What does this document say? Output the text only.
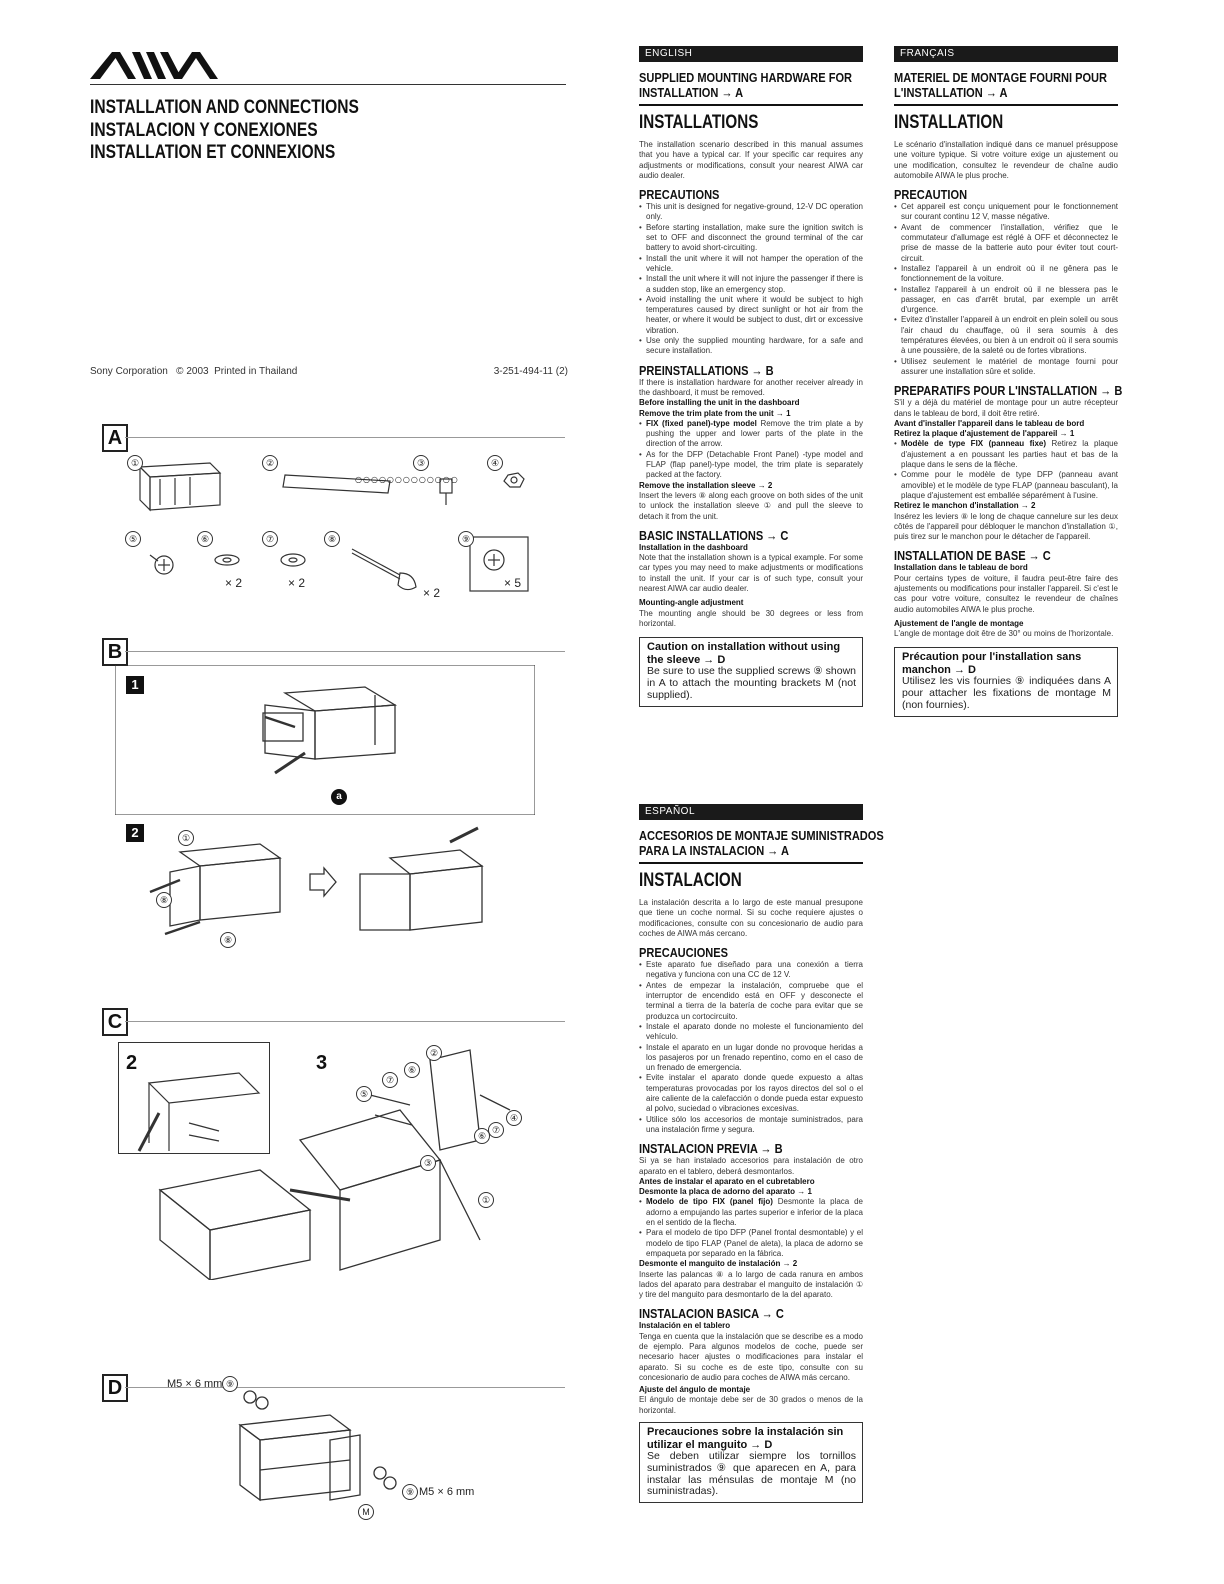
INSTALLATION AND CONNECTIONS
INSTALACION Y CONEXIONES
INSTALLATION ET CONNEXIONS
Sony Corporation © 2003 Printed in Thailand	3-251-494-11 (2)
A
○○○○○○○○○○○○○
①	②	③	④
⑤	⑥	⑦	⑧	⑨
× 2	× 2
× 2
× 5
B
1
a
2	①
⑧
⑧
C
2	3	②
⑦
⑥
⑤
④
⑦
⑥
③
①
D	M5 × 6 mm ⑨
⑨ M5 × 6 mm
M
ENGLISH
SUPPLIED MOUNTING HARDWARE FOR
INSTALLATION → A
INSTALLATIONS
The installation scenario described in this manual assumes that you have a typical car. If your specific car requires any adjustments or modifications, consult your nearest AIWA car audio dealer.
PRECAUTIONS
• This unit is designed for negative-ground, 12-V DC operation only.
• Before starting installation, make sure the ignition switch is set to OFF and disconnect the ground terminal of the car battery to avoid short-circuiting.
• Install the unit where it will not hamper the operation of the vehicle.
• Install the unit where it will not injure the passenger if there is a sudden stop, like an emergency stop.
• Avoid installing the unit where it would be subject to high temperatures caused by direct sunlight or hot air from the heater, or where it would be subject to dust, dirt or excessive vibration.
• Use only the supplied mounting hardware, for a safe and secure installation.
PREINSTALLATIONS → B
If there is installation hardware for another receiver already in the dashboard, it must be removed.
Before installing the unit in the dashboard
Remove the trim plate from the unit → 1
• FIX (fixed panel)-type model Remove the trim plate a by pushing the upper and lower parts of the plate in the direction of the arrow.
• As for the DFP (Detachable Front Panel) -type model and FLAP (flap panel)-type model, the trim plate is separately packed at the factory.
Remove the installation sleeve → 2
Insert the levers ⑧ along each groove on both sides of the unit to unlock the installation sleeve ① and pull the sleeve to detach it from the unit.
BASIC INSTALLATIONS → C
Installation in the dashboard
Note that the installation shown is a typical example. For some car types you may need to make adjustments or modifications to install the unit. If your car is of such type, consult your nearest AIWA car audio dealer.
Mounting-angle adjustment
The mounting angle should be 30 degrees or less from horizontal.
Caution on installation without using the sleeve → D
Be sure to use the supplied screws ⑨ shown in A to attach the mounting brackets M (not supplied).
ESPAÑOL
ACCESORIOS DE MONTAJE SUMINISTRADOS
PARA LA INSTALACION → A
INSTALACION
La instalación descrita a lo largo de este manual presupone que tiene un coche normal. Si su coche requiere ajustes o modificaciones, consulte con su concesionario de audio para coches de AIWA más cercano.
PRECAUCIONES
• Este aparato fue diseñado para una conexión a tierra negativa y funciona con una CC de 12 V.
• Antes de empezar la instalación, compruebe que el interruptor de encendido está en OFF y desconecte el terminal a tierra de la batería de coche para evitar que se produzca un cortocircuito.
• Instale el aparato donde no moleste el funcionamiento del vehículo.
• Instale el aparato en un lugar donde no provoque heridas a los pasajeros por un frenado repentino, como en el caso de un frenado de emergencia.
• Evite instalar el aparato donde quede expuesto a altas temperaturas provocadas por los rayos directos del sol o el aire caliente de la calefacción o donde pueda estar expuesto al polvo, suciedad o vibraciones excesivas.
• Utilice sólo los accesorios de montaje suministrados, para una instalación firme y segura.
INSTALACION PREVIA → B
Si ya se han instalado accesorios para instalación de otro aparato en el tablero, deberá desmontarlos.
Antes de instalar el aparato en el cubretablero
Desmonte la placa de adorno del aparato → 1
• Modelo de tipo FIX (panel fijo) Desmonte la placa de adorno a empujando las partes superior e inferior de la placa en el sentido de la flecha.
• Para el modelo de tipo DFP (Panel frontal desmontable) y el modelo de tipo FLAP (Panel de aleta), la placa de adorno se empaqueta por separado en la fábrica.
Desmonte el manguito de instalación → 2
Inserte las palancas ⑧ a lo largo de cada ranura en ambos lados del aparato para destrabar el manguito de instalación ① y tire del manguito para desmontarlo de la del aparato.
INSTALACION BASICA → C
Instalación en el tablero
Tenga en cuenta que la instalación que se describe es a modo de ejemplo. Para algunos modelos de coche, puede ser necesario hacer ajustes o modificaciones para instalar el aparato. Si su coche es de este tipo, consulte con su concesionario de audio para coches de AIWA más cercano.
Ajuste del ángulo de montaje
El ángulo de montaje debe ser de 30 grados o menos de la horizontal.
Precauciones sobre la instalación sin utilizar el manguito → D
Se deben utilizar siempre los tornillos suministrados ⑨ que aparecen en A, para instalar las ménsulas de montaje M (no suministradas).
FRANÇAIS
MATERIEL DE MONTAGE FOURNI POUR
L'INSTALLATION → A
INSTALLATION
Le scénario d'installation indiqué dans ce manuel présuppose une voiture typique. Si votre voiture exige un ajustement ou une modification, consultez le revendeur de chaîne audio automobile AIWA le plus proche.
PRECAUTION
• Cet appareil est conçu uniquement pour le fonctionnement sur courant continu 12 V, masse négative.
• Avant de commencer l'installation, vérifiez que le commutateur d'allumage est réglé à OFF et déconnectez le prise de masse de la batterie auto pour éviter tout court-circuit.
• Installez l'appareil à un endroit où il ne gênera pas le fonctionnement de la voiture.
• Installez l'appareil à un endroit où il ne blessera pas le passager, en cas d'arrêt brutal, par exemple un arrêt d'urgence.
• Evitez d'installer l'appareil à un endroit en plein soleil ou sous l'air chaud du chauffage, où il sera soumis à des températures élevées, ou bien à un endroit où il sera soumis à une poussière, de la saleté ou de fortes vibrations.
• Utilisez seulement le matériel de montage fourni pour assurer une installation sûre et solide.
PREPARATIFS POUR L'INSTALLATION → B
S'il y a déjà du matériel de montage pour un autre récepteur dans le tableau de bord, il doit être retiré.
Avant d'installer l'appareil dans le tableau de bord
Retirez la plaque d'ajustement de l'appareil → 1
• Modèle de type FIX (panneau fixe) Retirez la plaque d'ajustement a en poussant les parties haut et bas de la plaque dans le sens de la flèche.
• Comme pour le modèle de type DFP (panneau avant amovible) et le modèle de type FLAP (panneau basculant), la plaque d'ajustement est emballée séparément à l'usine.
Retirez le manchon d'installation → 2
Insérez les leviers ⑧ le long de chaque cannelure sur les deux côtés de l'appareil pour débloquer le manchon d'installation ①, puis tirez sur le manchon pour le détacher de l'appareil.
INSTALLATION DE BASE → C
Installation dans le tableau de bord
Pour certains types de voiture, il faudra peut-être faire des ajustements ou modifications pour installer l'appareil. Si c'est le cas pour votre voiture, consultez le revendeur de chaînes audio automobiles AIWA le plus proche.
Ajustement de l'angle de montage
L'angle de montage doit être de 30° ou moins de l'horizontale.
Précaution pour l'installation sans manchon → D
Utilisez les vis fournies ⑨ indiquées dans A pour attacher les fixations de montage M (non fournies).
